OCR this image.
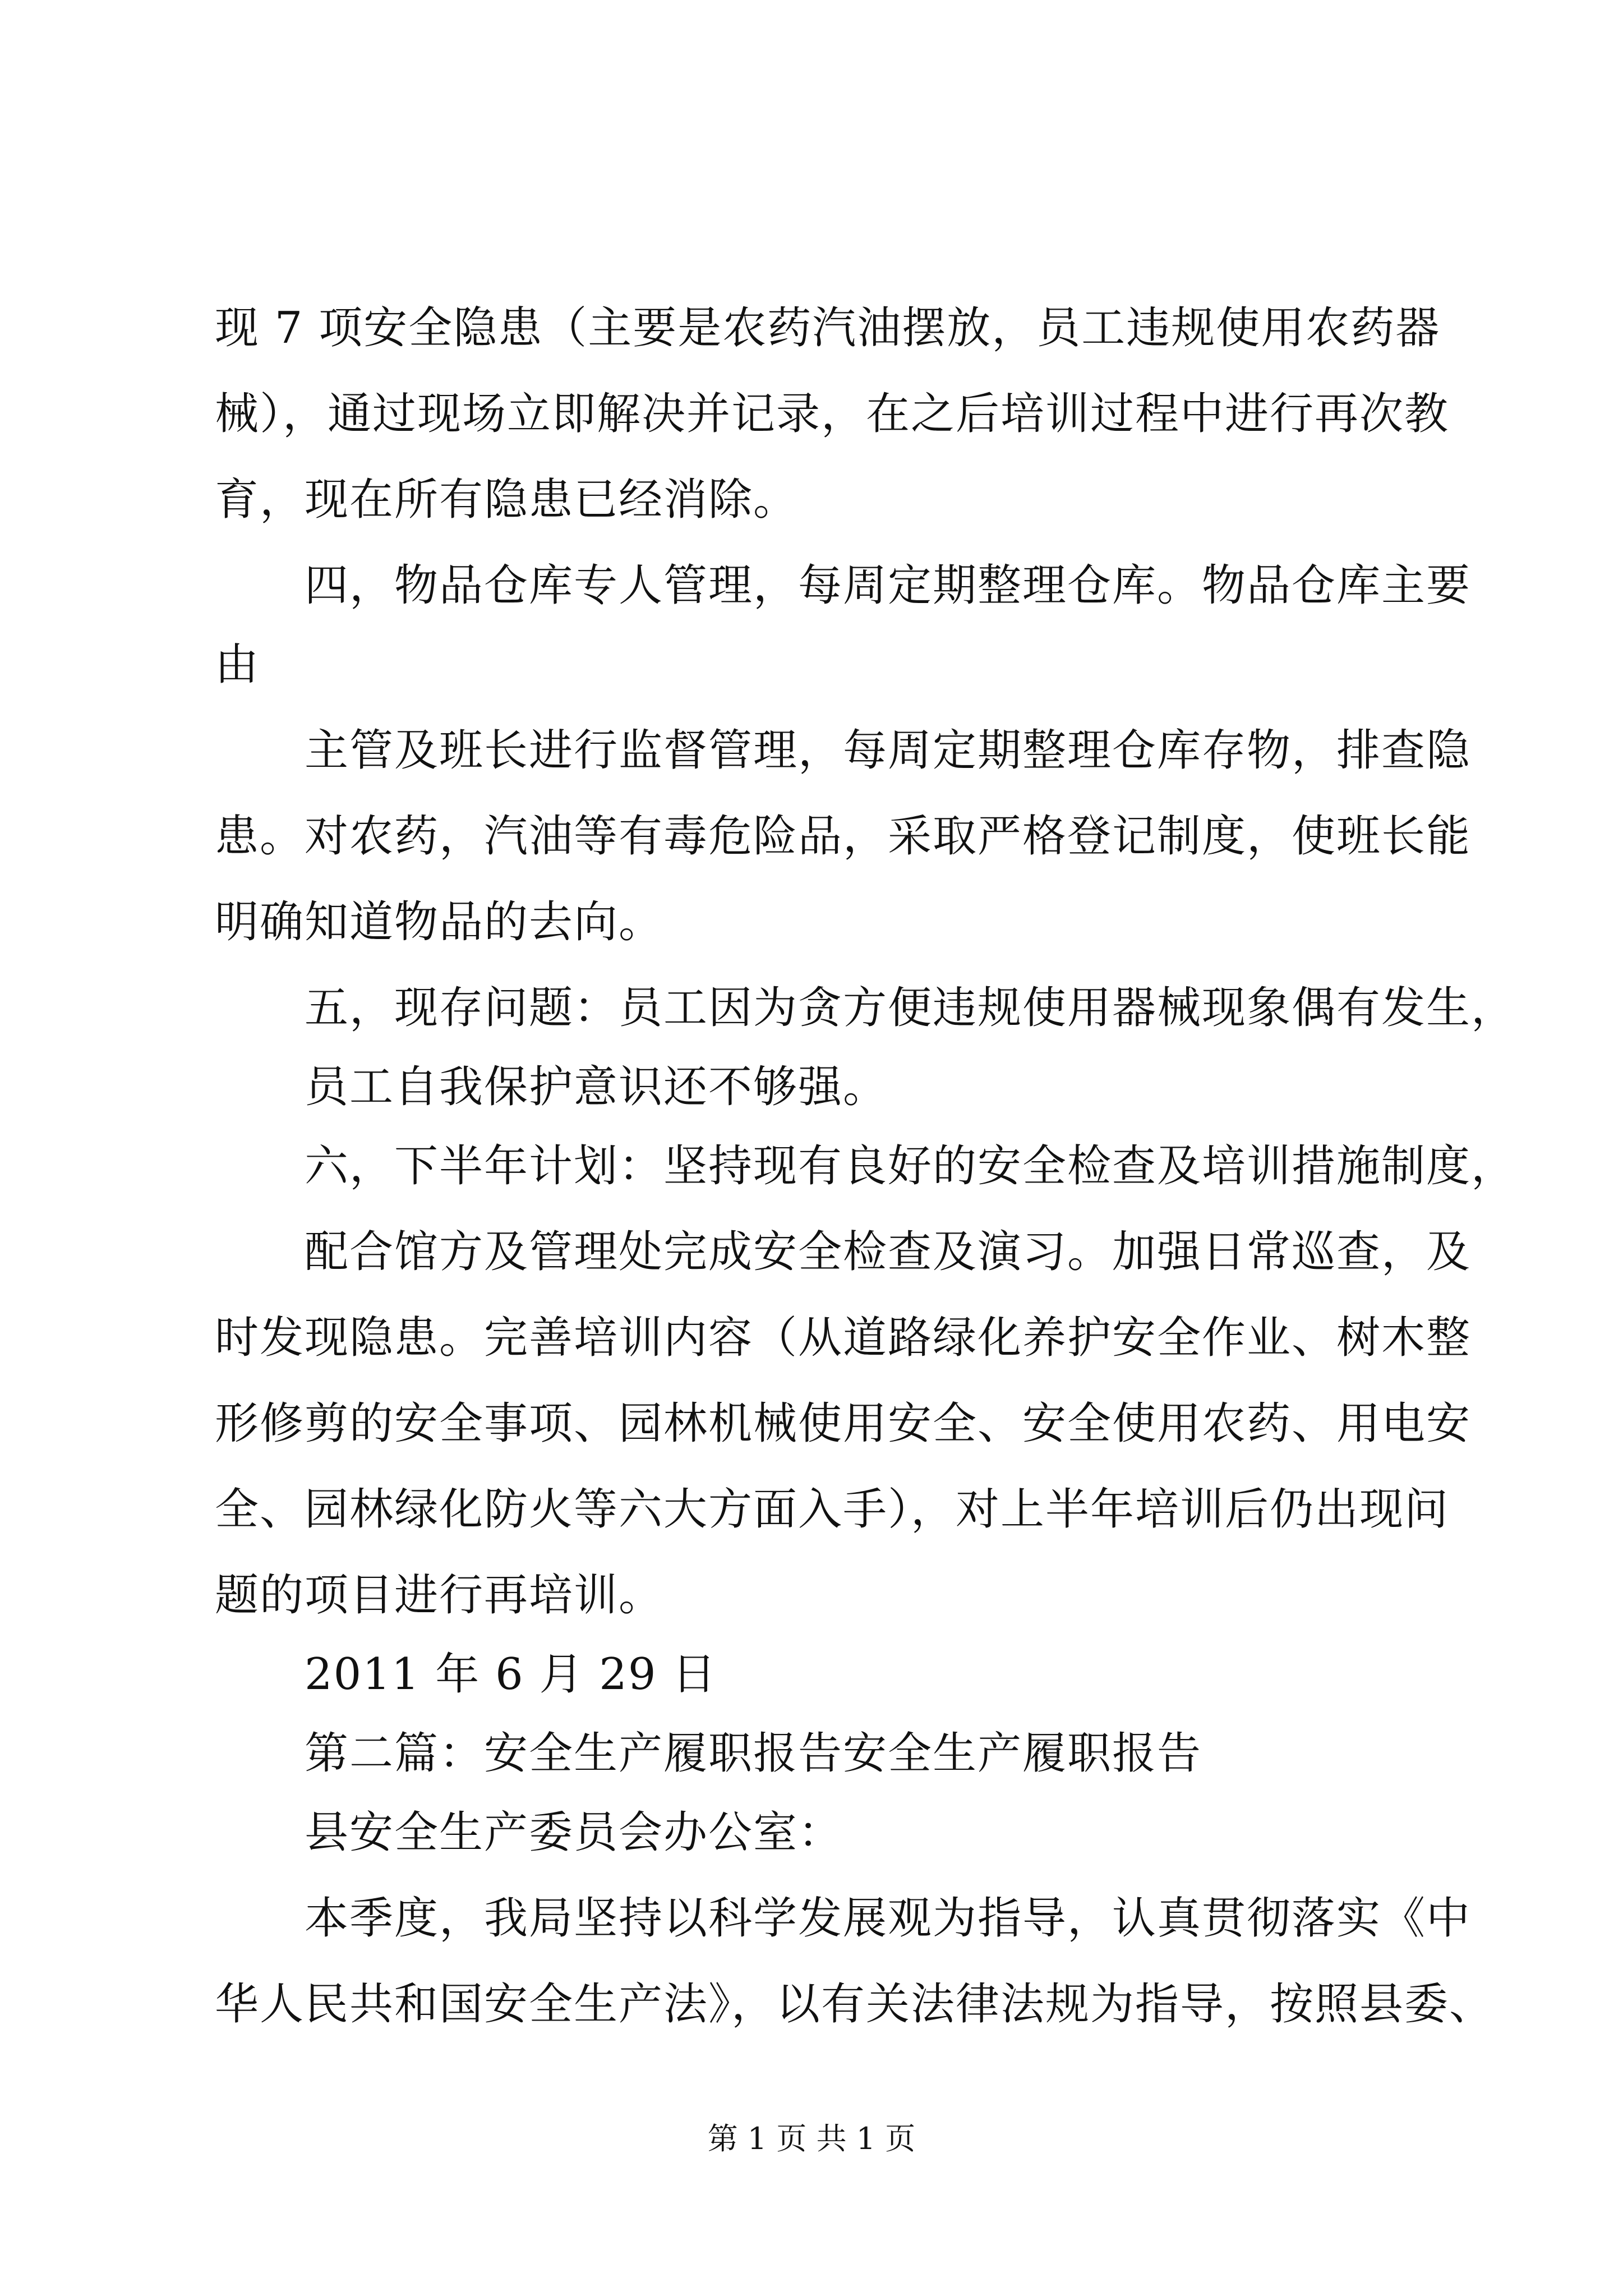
现 7 项安全隐患（主要是农药汽油摆放，员工违规使用农药器
械），通过现场立即解决并记录，在之后培训过程中进行再次教
育，现在所有隐患已经消除。
四，物品仓库专人管理，每周定期整理仓库。物品仓库主要
由
主管及班长进行监督管理，每周定期整理仓库存物，排查隐
患。对农药，汽油等有毒危险品，采取严格登记制度，使班长能
明确知道物品的去向。
五，现存问题：员工因为贪方便违规使用器械现象偶有发生，
员工自我保护意识还不够强。
六，下半年计划：坚持现有良好的安全检查及培训措施制度，
配合馆方及管理处完成安全检查及演习。加强日常巡查，及
时发现隐患。完善培训内容（从道路绿化养护安全作业、树木整
形修剪的安全事项、园林机械使用安全、安全使用农药、用电安
全、园林绿化防火等六大方面入手），对上半年培训后仍出现问
题的项目进行再培训。
2011 年 6 月 29 日
第二篇：安全生产履职报告安全生产履职报告
县安全生产委员会办公室：
本季度，我局坚持以科学发展观为指导，认真贯彻落实《中
华人民共和国安全生产法》，以有关法律法规为指导，按照县委、
第 1 页 共 1 页
